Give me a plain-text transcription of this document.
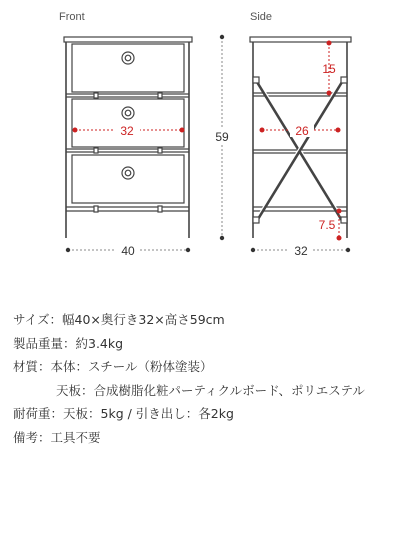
Front	Side
32
40
59
15
26
7.5
32
サイズ：幅40×奥行き32×高さ59cm
製品重量：約3.4kg
材質：本体：スチール（粉体塗装）
天板：合成樹脂化粧パーティクルボード、ポリエステル
耐荷重：天板：5kg / 引き出し：各2kg
備考：工具不要
